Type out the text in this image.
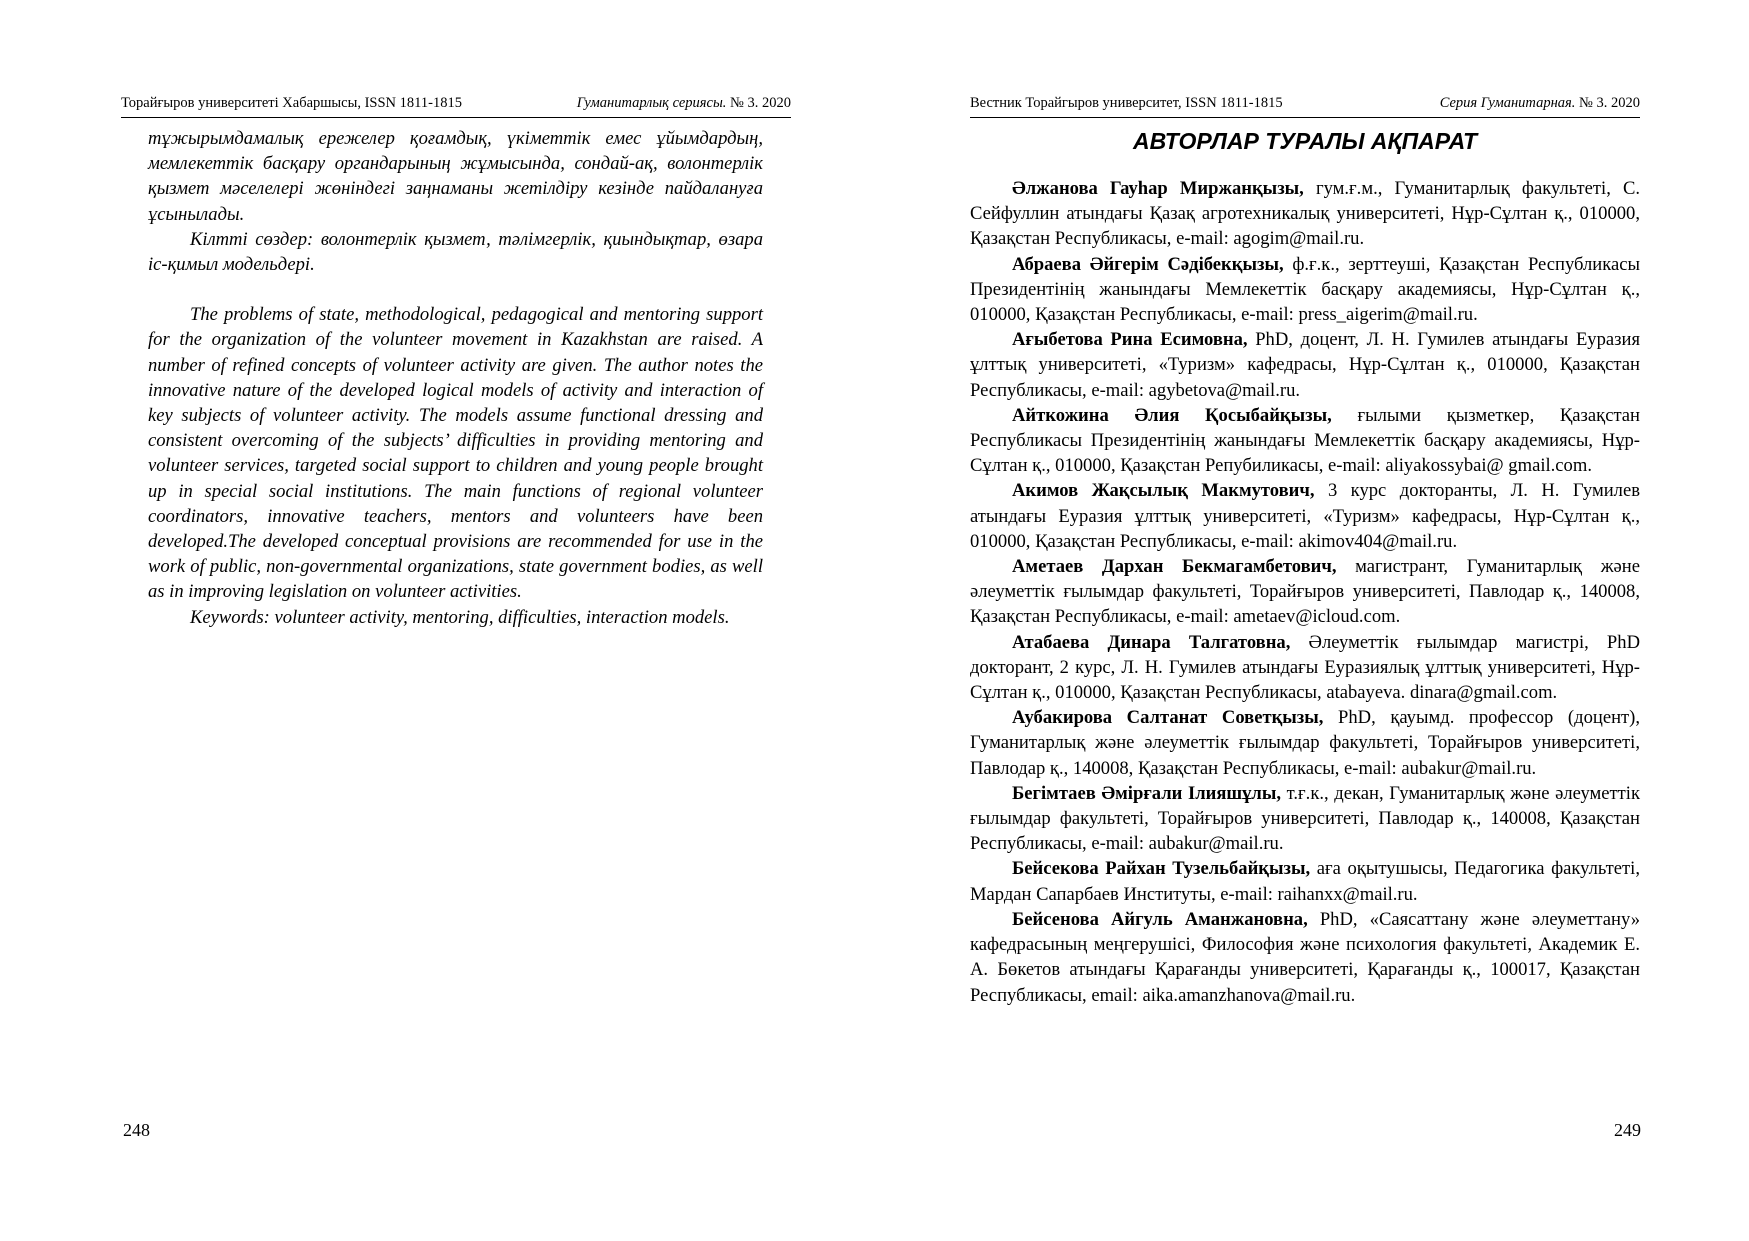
Торайғыров университеті Хабаршысы, ISSN 1811-1815	Гуманитарлық сериясы. № 3. 2020

тұжырымдамалық ережелер қоғамдық, үкіметтік емес ұйымдардың, мемлекеттік басқару органдарының жұмысында, сондай-ақ, волонтерлік қызмет мәселелері жөніндегі заңнаманы жетілдіру кезінде пайдалануға ұсынылады.

Кілтті сөздер: волонтерлік қызмет, тәлімгерлік, қиындықтар, өзара іс-қимыл модельдері.

The problems of state, methodological, pedagogical and mentoring support for the organization of the volunteer movement in Kazakhstan are raised. A number of refined concepts of volunteer activity are given. The author notes the innovative nature of the developed logical models of activity and interaction of key subjects of volunteer activity. The models assume functional dressing and consistent overcoming of the subjects’ difficulties in providing mentoring and volunteer services, targeted social support to children and young people brought up in special social institutions. The main functions of regional volunteer coordinators, innovative teachers, mentors and volunteers have been developed.The developed conceptual provisions are recommended for use in the work of public, non-governmental organizations, state government bodies, as well as in improving legislation on volunteer activities.

Keywords: volunteer activity, mentoring, difficulties, interaction models.

248
Вестник Торайгыров университет, ISSN 1811-1815	Серия Гуманитарная. № 3. 2020
АВТОРЛАР ТУРАЛЫ АҚПАРАТ

Әлжанова Гауһар Миржанқызы, гум.ғ.м., Гуманитарлық факультеті, С. Сейфуллин атындағы Қазақ агротехникалық университеті, Нұр-Сұлтан қ., 010000, Қазақстан Республикасы, e-mail: agogim@mail.ru.

Абраева Әйгерім Сәдібекқызы, ф.ғ.к., зерттеуші, Қазақстан Республикасы Президентінің жанындағы Мемлекеттік басқару академиясы, Нұр-Сұлтан қ., 010000, Қазақстан Республикасы, e-mail: press_aigerim@mail.ru.

Ағыбетова Рина Есимовна, PhD, доцент, Л. Н. Гумилев атындағы Еуразия ұлттық университеті, «Туризм» кафедрасы, Нұр-Сұлтан қ., 010000, Қазақстан Республикасы, e-mail: agybetova@mail.ru.

Айткожина Әлия Қосыбайқызы, ғылыми қызметкер, Қазақстан Республикасы Президентінің жанындағы Мемлекеттік басқару академиясы, Нұр-Сұлтан қ., 010000, Қазақстан Репубиликасы, e-mail: aliyakossybai@ gmail.com.

Акимов Жақсылық Макмутович, 3 курс докторанты, Л. Н. Гумилев атындағы Еуразия ұлттық университеті, «Туризм» кафедрасы, Нұр-Сұлтан қ., 010000, Қазақстан Республикасы, e-mail: akimov404@mail.ru.

Аметаев Дархан Бекмагамбетович, магистрант, Гуманитарлық және әлеуметтік ғылымдар факультеті, Торайғыров университеті, Павлодар қ., 140008, Қазақстан Республикасы, e-mail: ametaev@icloud.com.

Атабаева Динара Талгатовна, Әлеуметтік ғылымдар магистрі, PhD докторант, 2 курс, Л. Н. Гумилев атындағы Еуразиялық ұлттық университеті, Нұр-Сұлтан қ., 010000, Қазақстан Республикасы, atabayeva. dinara@gmail.com.

Аубакирова Салтанат Советқызы, PhD, қауымд. профессор (доцент), Гуманитарлық және әлеуметтік ғылымдар факультеті, Торайғыров университеті, Павлодар қ., 140008, Қазақстан Республикасы, e-mail: aubakur@mail.ru.

Бегімтаев Әмірғали Ілияшұлы, т.ғ.к., декан, Гуманитарлық және әлеуметтік ғылымдар факультеті, Торайғыров университеті, Павлодар қ., 140008, Қазақстан Республикасы, e-mail: aubakur@mail.ru.

Бейсекова Райхан Тузельбайқызы, аға оқытушысы, Педагогика факультеті, Мардан Сапарбаев Институты, e-mail: raihanxx@mail.ru.

Бейсенова Айгуль Аманжановна, PhD, «Саясаттану және әлеуметтану» кафедрасының меңгерушісі, Философия және психология факультеті, Академик Е. А. Бөкетов атындағы Қарағанды университеті, Қарағанды қ., 100017, Қазақстан Республикасы, email: aika.amanzhanova@mail.ru.

249
